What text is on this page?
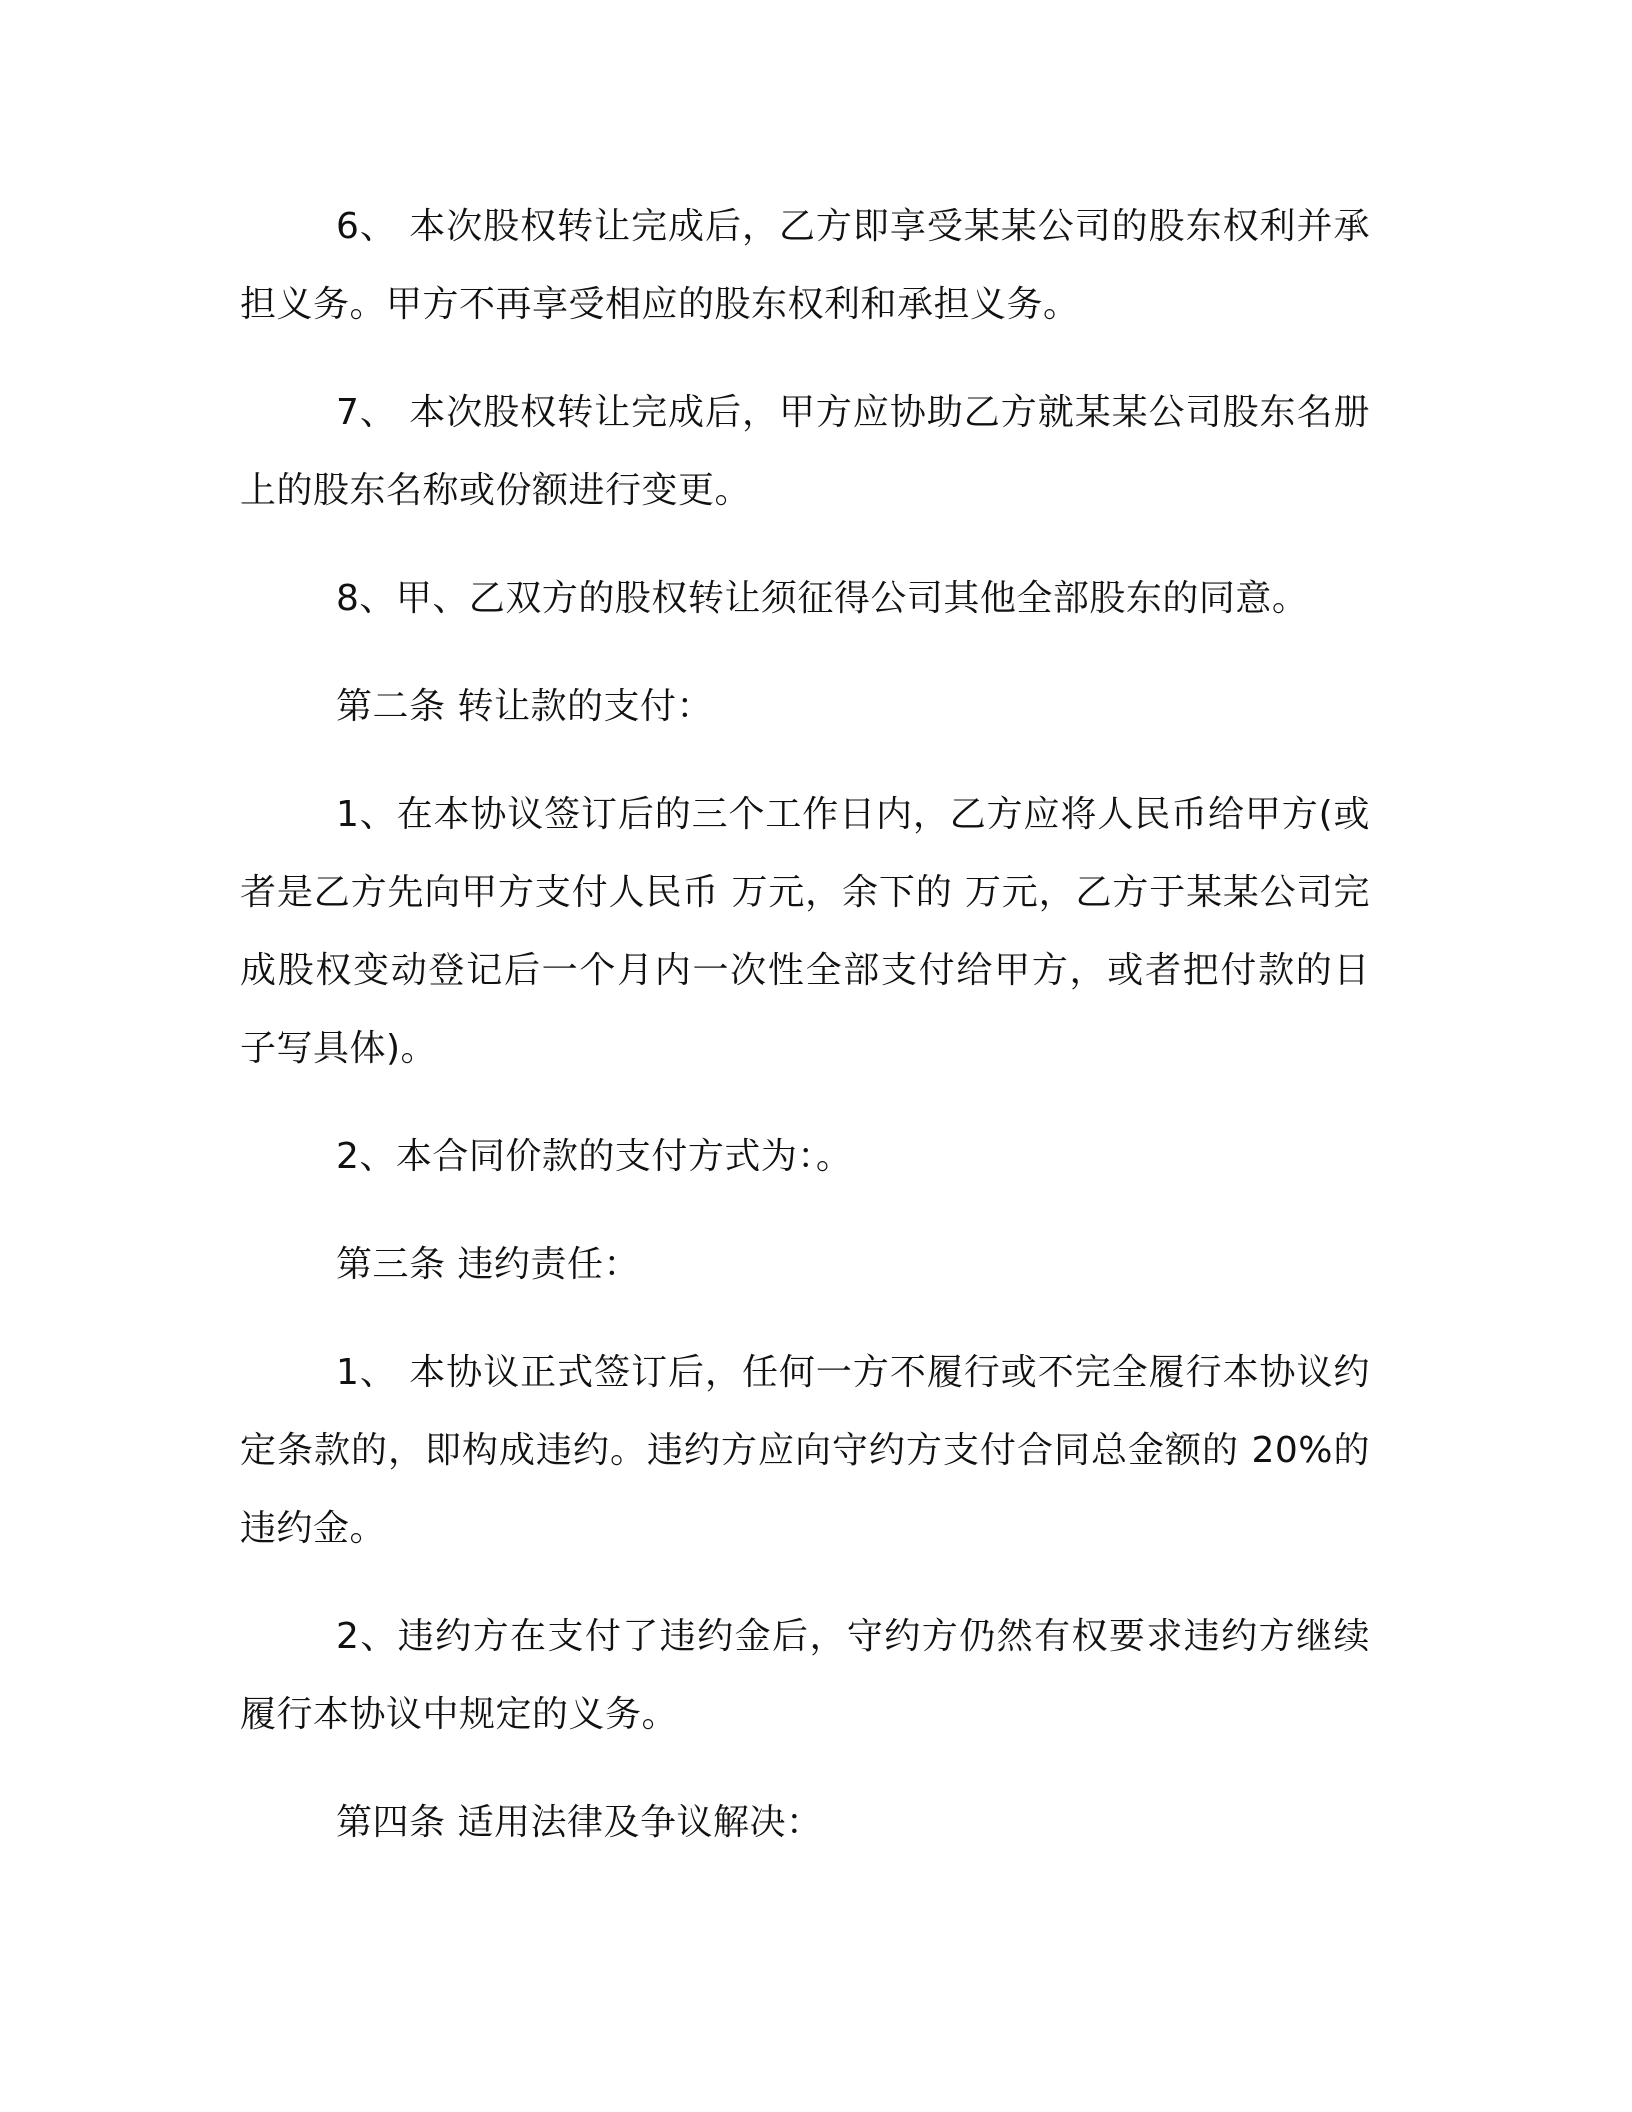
6、 本次股权转让完成后，乙方即享受某某公司的股东权利并承担义务。甲方不再享受相应的股东权利和承担义务。

7、 本次股权转让完成后，甲方应协助乙方就某某公司股东名册上的股东名称或份额进行变更。

8、甲、乙双方的股权转让须征得公司其他全部股东的同意。

第二条 转让款的支付：

1、在本协议签订后的三个工作日内，乙方应将人民币给甲方(或者是乙方先向甲方支付人民币 万元，余下的 万元，乙方于某某公司完成股权变动登记后一个月内一次性全部支付给甲方，或者把付款的日子写具体)。

2、本合同价款的支付方式为：。

第三条 违约责任：

1、 本协议正式签订后，任何一方不履行或不完全履行本协议约定条款的，即构成违约。违约方应向守约方支付合同总金额的 20%的违约金。

2、违约方在支付了违约金后，守约方仍然有权要求违约方继续履行本协议中规定的义务。

第四条 适用法律及争议解决：
